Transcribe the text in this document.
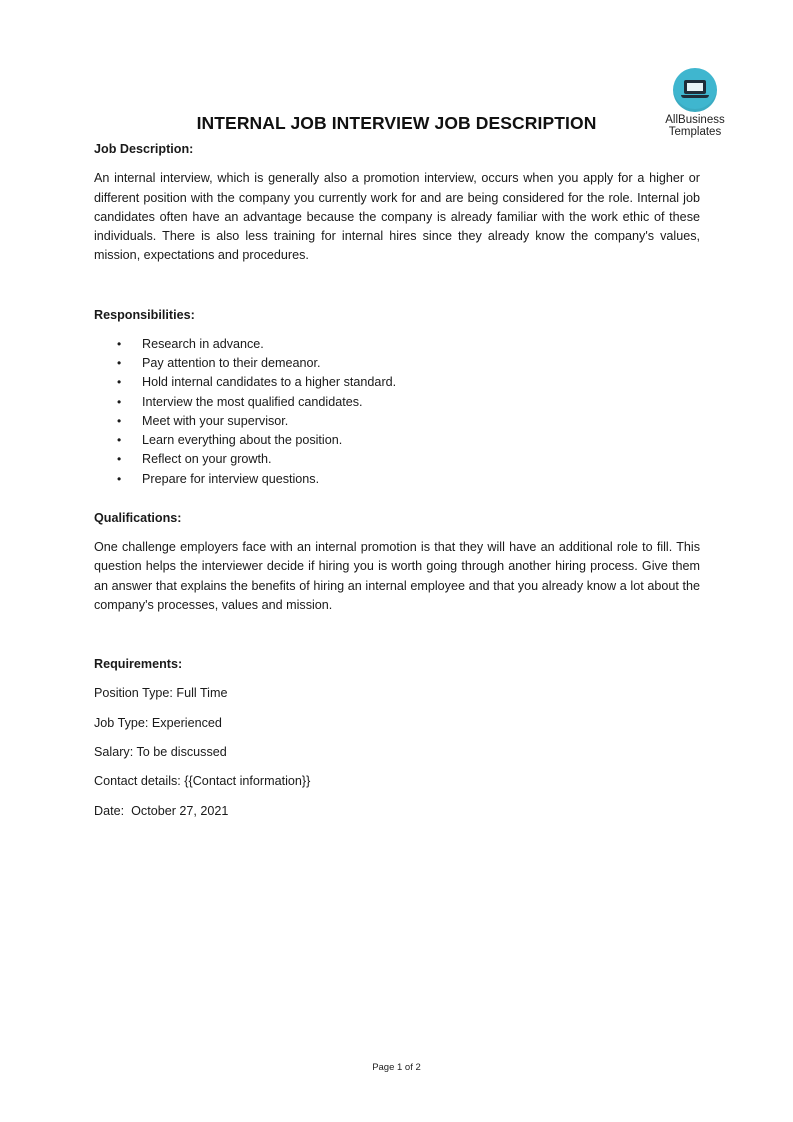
AllBusiness
Templates
INTERNAL JOB INTERVIEW JOB DESCRIPTION

Job Description:

An internal interview, which is generally also a promotion interview, occurs when you apply for a higher or different position with the company you currently work for and are being considered for the role. Internal job candidates often have an advantage because the company is already familiar with the work ethic of these individuals. There is also less training for internal hires since they already know the company's values, mission, expectations and procedures.

Responsibilities:

• Research in advance.
• Pay attention to their demeanor.
• Hold internal candidates to a higher standard.
• Interview the most qualified candidates.
• Meet with your supervisor.
• Learn everything about the position.
• Reflect on your growth.
• Prepare for interview questions.

Qualifications:

One challenge employers face with an internal promotion is that they will have an additional role to fill. This question helps the interviewer decide if hiring you is worth going through another hiring process. Give them an answer that explains the benefits of hiring an internal employee and that you already know a lot about the company's processes, values and mission.

Requirements:

Position Type: Full Time

Job Type: Experienced

Salary: To be discussed

Contact details: {{Contact information}}

Date:  October 27, 2021

Page 1 of 2
